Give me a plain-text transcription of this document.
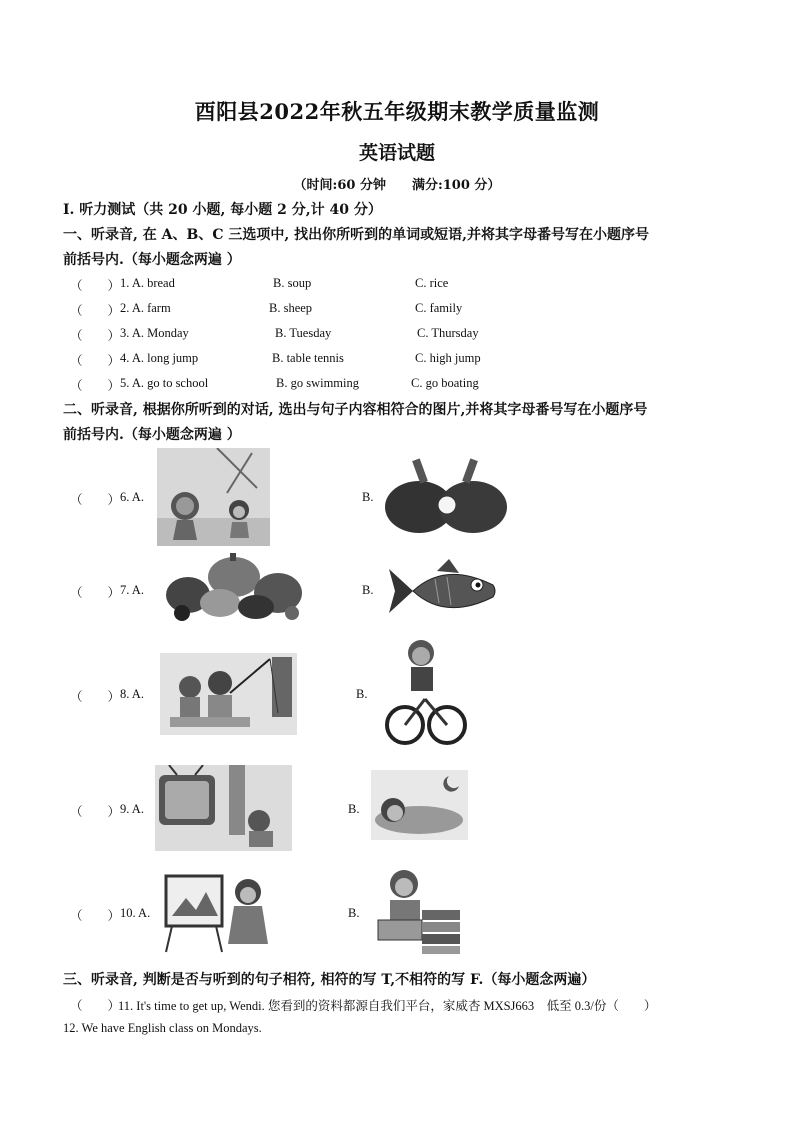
酉阳县2022年秋五年级期末教学质量监测
英语试题
（时间:60 分钟　　满分:100 分）
I. 听力测试（共 20 小题, 每小题 2 分,计 40 分）
一、听录音, 在 A、B、C 三选项中, 找出你所听到的单词或短语,并将其字母番号写在小题序号
前括号内.（每小题念两遍 ）
（　　） 1. A. bread	B. soup	C. rice
（　　） 2. A. farm	B. sheep	C. family
（　　） 3. A. Monday	B. Tuesday	C. Thursday
（　　） 4. A. long jump	B. table tennis	C. high jump
（　　） 5. A. go to school	B. go swimming	C. go boating
二、听录音, 根据你所听到的对话, 选出与句子内容相符合的图片,并将其字母番号写在小题序号
前括号内.（每小题念两遍 ）
（　　） 6. A.	B.
（　　） 7. A.	B.
（　　） 8. A.	B.
（　　） 9. A.	B.
（　　） 10. A.	B.
三、听录音, 判断是否与听到的句子相符, 相符的写 T,不相符的写 F.（每小题念两遍）
（　　）
11. It's time to get up, Wendi. 您看到的资料都源自我们平台，家威杏 MXSJ663　低至 0.3/份（　　）
12. We have English class on Mondays.
